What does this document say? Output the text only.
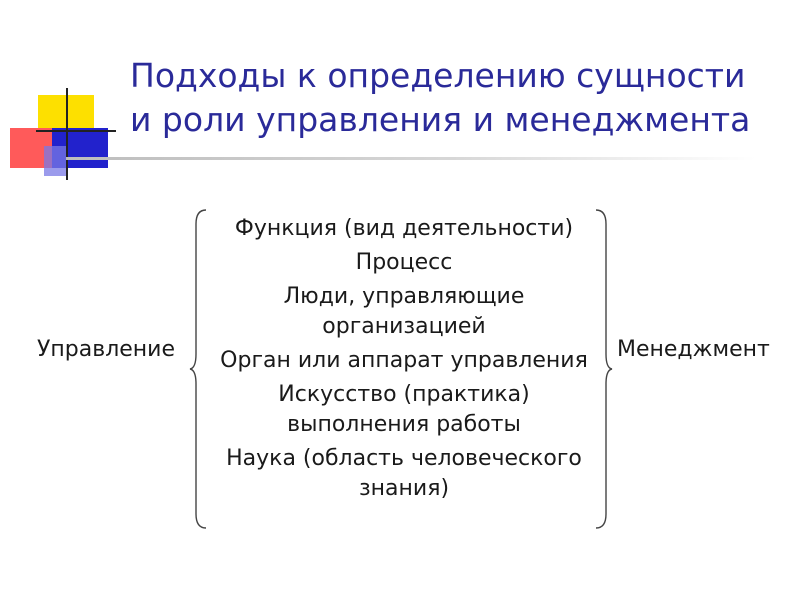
Подходы к определению сущности
и роли управления и менеджмента
Управление	Менеджмент
Функция (вид деятельности)
Процесс
Люди, управляющие организацией
Орган или аппарат управления
Искусство (практика) выполнения работы
Наука (область человеческого знания)
